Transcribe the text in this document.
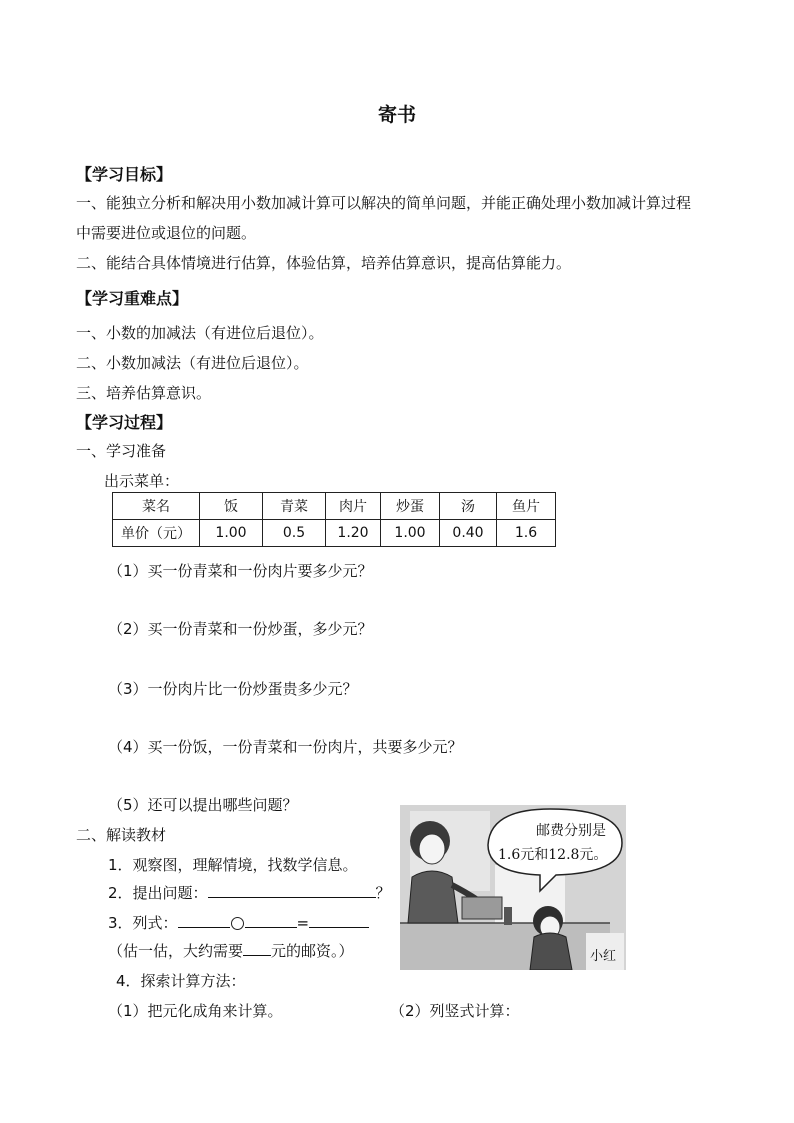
寄书
【学习目标】
一、能独立分析和解决用小数加减计算可以解决的简单问题，并能正确处理小数加减计算过程
中需要进位或退位的问题。
二、能结合具体情境进行估算，体验估算，培养估算意识，提高估算能力。
【学习重难点】
一、小数的加减法（有进位后退位）。
二、小数加减法（有进位后退位）。
三、培养估算意识。
【学习过程】
一、学习准备
出示菜单：
菜名	饭	青菜	肉片	炒蛋	汤	鱼片
单价（元）	1.00	0.5	1.20	1.00	0.40	1.6
（1）买一份青菜和一份肉片要多少元？
（2）买一份青菜和一份炒蛋，多少元？
（3）一份肉片比一份炒蛋贵多少元？
（4）买一份饭，一份青菜和一份肉片，共要多少元？
（5）还可以提出哪些问题？
二、解读教材
1．观察图，理解情境，找数学信息。
2．提出问题：	？
3．列式：	=
（估一估，大约需要 元的邮资。）
4．探索计算方法：
（1）把元化成角来计算。	（2）列竖式计算：
邮费分别是
1.6元和12.8元。
小红
